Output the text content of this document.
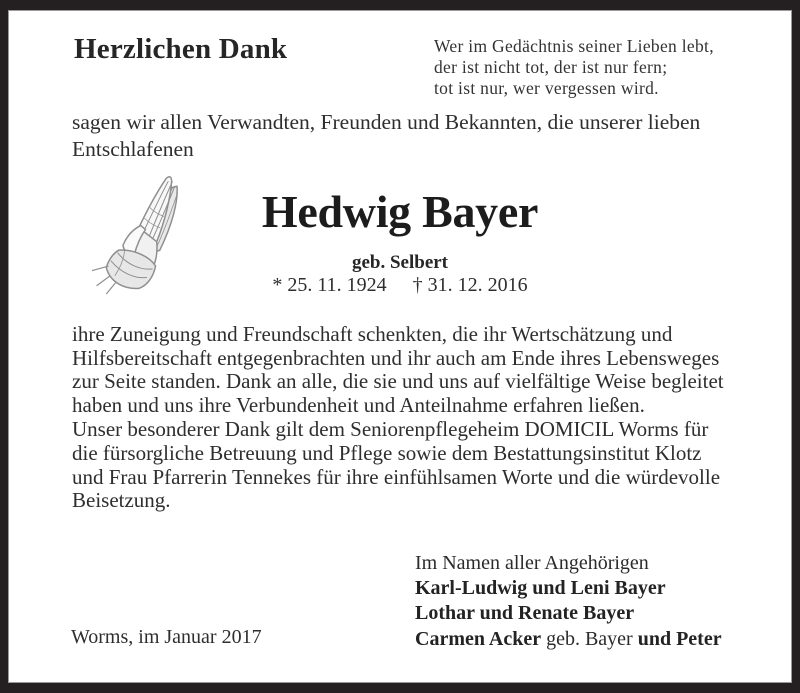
Herzlichen Dank	Wer im Gedächtnis seiner Lieben lebt,
der ist nicht tot, der ist nur fern;
tot ist nur, wer vergessen wird.

sagen wir allen Verwandten, Freunden und Bekannten, die unserer lieben Entschlafenen

Hedwig Bayer
geb. Selbert
* 25. 11. 1924 † 31. 12. 2016

ihre Zuneigung und Freundschaft schenkten, die ihr Wertschätzung und Hilfsbereitschaft entgegenbrachten und ihr auch am Ende ihres Lebensweges zur Seite standen. Dank an alle, die sie und uns auf vielfältige Weise begleitet haben und uns ihre Verbundenheit und Anteilnahme erfahren ließen.

Unser besonderer Dank gilt dem Seniorenpflegeheim DOMICIL Worms für die fürsorgliche Betreuung und Pflege sowie dem Bestattungsinstitut Klotz und Frau Pfarrerin Tennekes für ihre einfühlsamen Worte und die würdevolle Beisetzung.

Im Namen aller Angehörigen
Karl-Ludwig und Leni Bayer
Lothar und Renate Bayer
Carmen Acker geb. Bayer und Peter
Worms, im Januar 2017
